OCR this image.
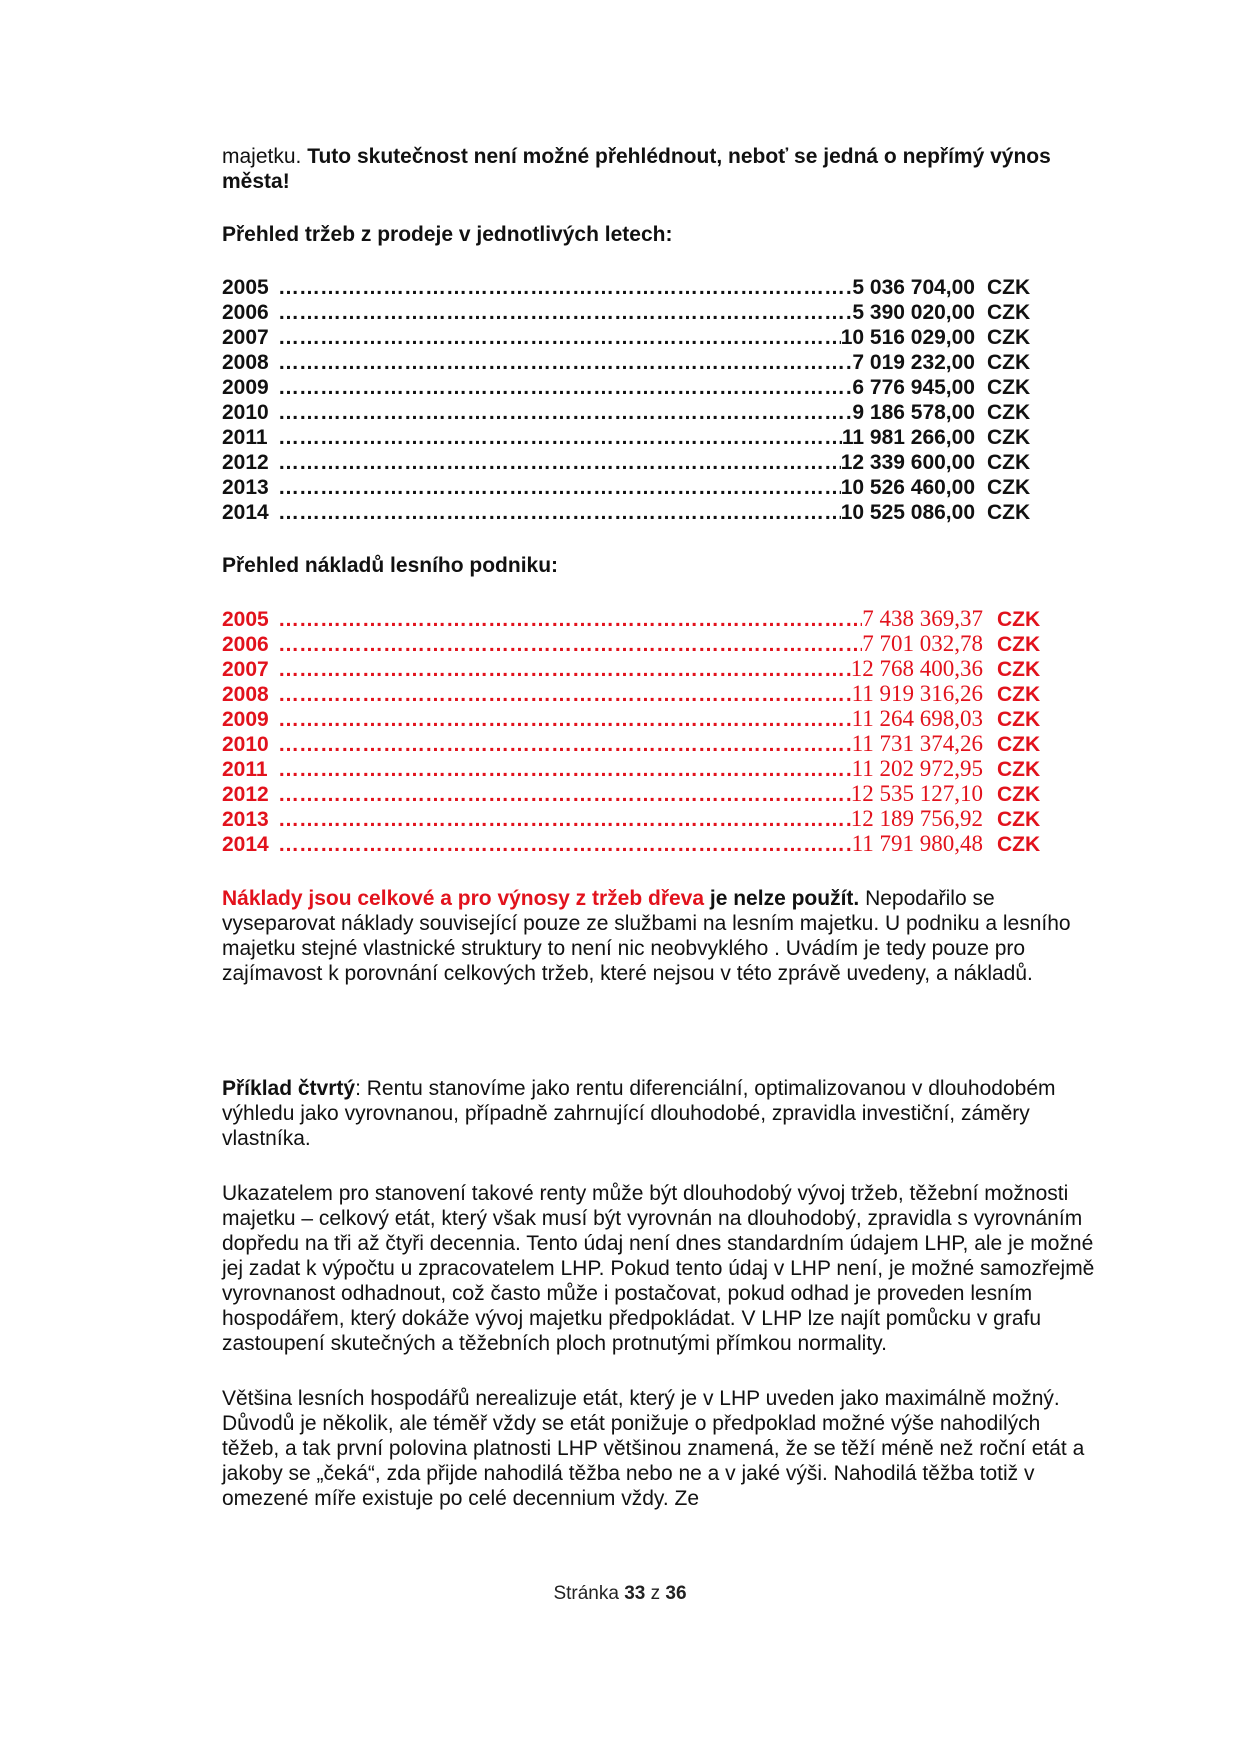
majetku. Tuto skutečnost není možné přehlédnout, neboť se jedná o nepřímý výnos města!

Přehled tržeb z prodeje v jednotlivých letech:

2005 …………………………………………………………………………………………………………………………	5 036 704,00 CZK
2006 …………………………………………………………………………………………………………………………	5 390 020,00 CZK
2007 …………………………………………………………………………………………………………………………	10 516 029,00 CZK
2008 …………………………………………………………………………………………………………………………	7 019 232,00 CZK
2009 …………………………………………………………………………………………………………………………	6 776 945,00 CZK
2010 …………………………………………………………………………………………………………………………	9 186 578,00 CZK
2011 …………………………………………………………………………………………………………………………	11 981 266,00 CZK
2012 …………………………………………………………………………………………………………………………	12 339 600,00 CZK
2013 …………………………………………………………………………………………………………………………	10 526 460,00 CZK
2014 …………………………………………………………………………………………………………………………	10 525 086,00 CZK

Přehled nákladů lesního podniku:

2005 …………………………………………………………………………………………………………………………	7 438 369,37 CZK
2006 …………………………………………………………………………………………………………………………	7 701 032,78 CZK
2007 …………………………………………………………………………………………………………………………	12 768 400,36 CZK
2008 …………………………………………………………………………………………………………………………	11 919 316,26 CZK
2009 …………………………………………………………………………………………………………………………	11 264 698,03 CZK
2010 …………………………………………………………………………………………………………………………	11 731 374,26 CZK
2011 …………………………………………………………………………………………………………………………	11 202 972,95 CZK
2012 …………………………………………………………………………………………………………………………	12 535 127,10 CZK
2013 …………………………………………………………………………………………………………………………	12 189 756,92 CZK
2014 …………………………………………………………………………………………………………………………	11 791 980,48 CZK

Náklady jsou celkové a pro výnosy z tržeb dřeva je nelze použít. Nepodařilo se vyseparovat náklady související pouze ze službami na lesním majetku. U podniku a lesního majetku stejné vlastnické struktury to není nic neobvyklého . Uvádím je tedy pouze pro zajímavost k porovnání celkových tržeb, které nejsou v této zprávě uvedeny, a nákladů.

Příklad čtvrtý: Rentu stanovíme jako rentu diferenciální, optimalizovanou v dlouhodobém výhledu jako vyrovnanou, případně zahrnující dlouhodobé, zpravidla investiční, záměry vlastníka.

Ukazatelem pro stanovení takové renty může být dlouhodobý vývoj tržeb, těžební možnosti majetku – celkový etát, který však musí být vyrovnán na dlouhodobý, zpravidla s vyrovnáním dopředu na tři až čtyři decennia. Tento údaj není dnes standardním údajem LHP, ale je možné jej zadat k výpočtu u zpracovatelem LHP. Pokud tento údaj v LHP není, je možné samozřejmě vyrovnanost odhadnout, což často může i postačovat, pokud odhad je proveden lesním hospodářem, který dokáže vývoj majetku předpokládat. V LHP lze najít pomůcku v grafu zastoupení skutečných a těžebních ploch protnutými přímkou normality.

Většina lesních hospodářů nerealizuje etát, který je v LHP uveden jako maximálně možný. Důvodů je několik, ale téměř vždy se etát ponižuje o předpoklad možné výše nahodilých těžeb, a tak první polovina platnosti LHP většinou znamená, že se těží méně než roční etát a jakoby se „čeká“, zda přijde nahodilá těžba nebo ne a v jaké výši. Nahodilá těžba totiž v omezené míře existuje po celé decennium vždy. Ze

Stránka 33 z 36
